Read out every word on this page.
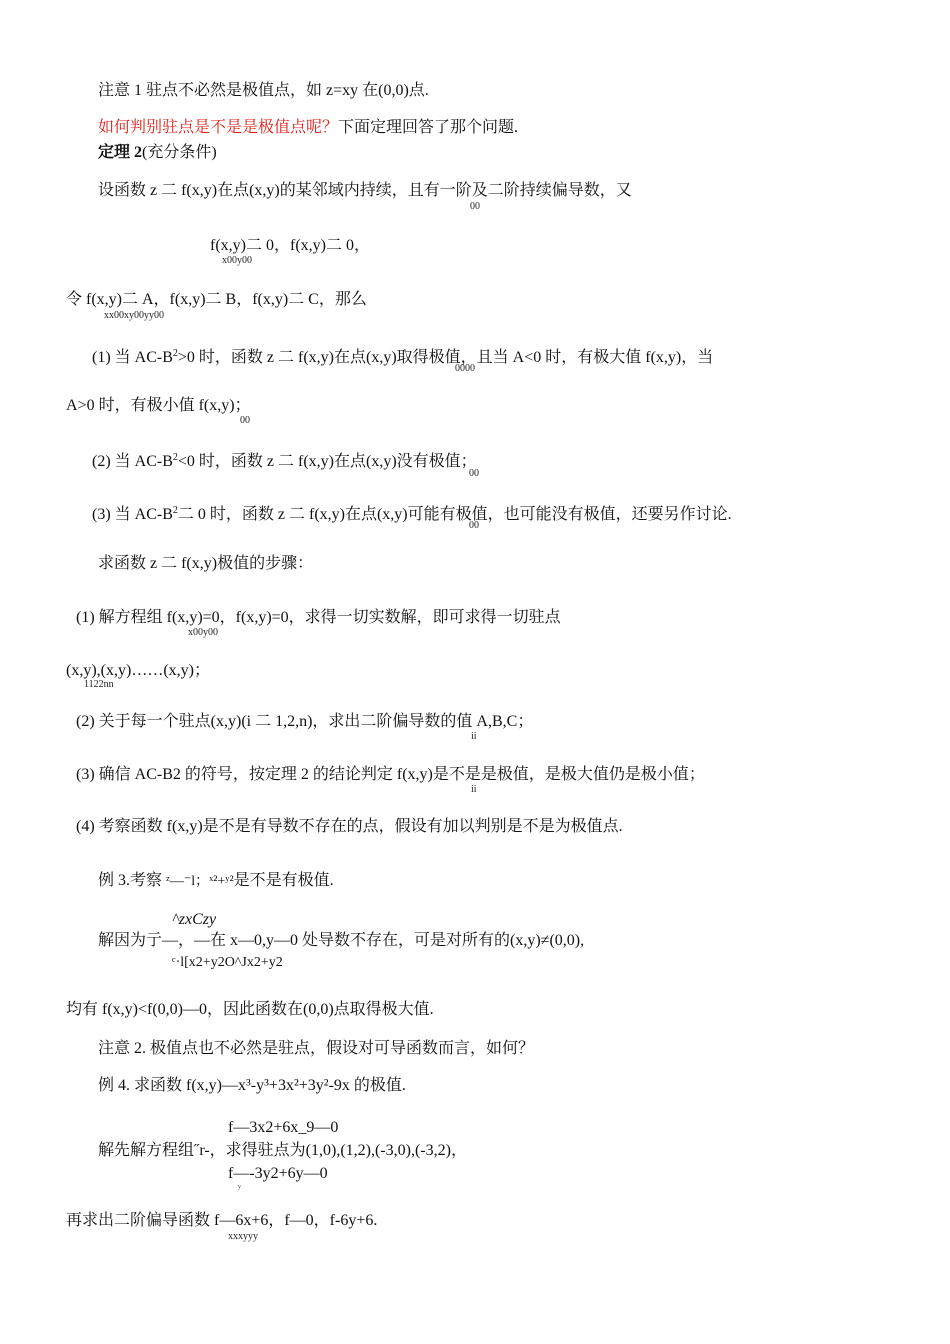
注意 1 驻点不必然是极值点，如 z=xy 在(0,0)点.
如何判别驻点是不是是极值点呢？下面定理回答了那个问题.
定理 2(充分条件)
设函数 z 二 f(x,y)在点(x,y)的某邻域内持续，且有一阶及二阶持续偏导数，又
00
f(x,y)二 0，f(x,y)二 0，
x00y00
令 f(x,y)二 A，f(x,y)二 B，f(x,y)二 C，那么
xx00xy00yy00
(1) 当 $AC-B^2>0$ 时，函数 z 二 f(x,y)在点(x,y)取得极值，且当 A<0 时，有极大值 f(x,y)，当
0000
A>0 时，有极小值 f(x,y)；
00
(2) 当 $AC-B^2<0$ 时，函数 z 二 f(x,y)在点(x,y)没有极值；
00
(3) 当 $AC-B^2$二 0 时，函数 z 二 f(x,y)在点(x,y)可能有极值，也可能没有极值，还要另作讨论.
00
求函数 z 二 f(x,y)极值的步骤：
(1) 解方程组 f(x,y)=0，f(x,y)=0，求得一切实数解，即可求得一切驻点
x00y00
(x,y),(x,y)……(x,y)；
1122nn
(2) 关于每一个驻点(x,y)(i 二 1,2,n)，求出二阶偏导数的值 A,B,C；
ii
(3) 确信 AC-B2 的符号，按定理 2 的结论判定 f(x,y)是不是是极值，是极大值仍是极小值；
ii
(4) 考察函数 f(x,y)是不是有导数不存在的点，假设有加以判别是不是为极值点.
例 3.考察 ᶻ—⁻l；ˣ²+ʸ²是不是有极值.
^zxCzy
解因为亍—，—在 x—0,y—0 处导数不存在，可是对所有的(x,y)≠(0,0),
ᶜ·l[x2+y2O^Jx2+y2
均有 f(x,y)<f(0,0)—0，因此函数在(0,0)点取得极大值.
注意 2. 极值点也不必然是驻点，假设对可导函数而言，如何？
例 4. 求函数 f(x,y)—x³-y³+3x²+3y²-9x 的极值.
f—3x2+6x_9—0
解先解方程组˝r-，求得驻点为(1,0),(1,2),(-3,0),(-3,2)，
f—-3y2+6y—0
ʸ
再求出二阶偏导函数 f—6x+6，f—0，f-6y+6.
xxxyyy
